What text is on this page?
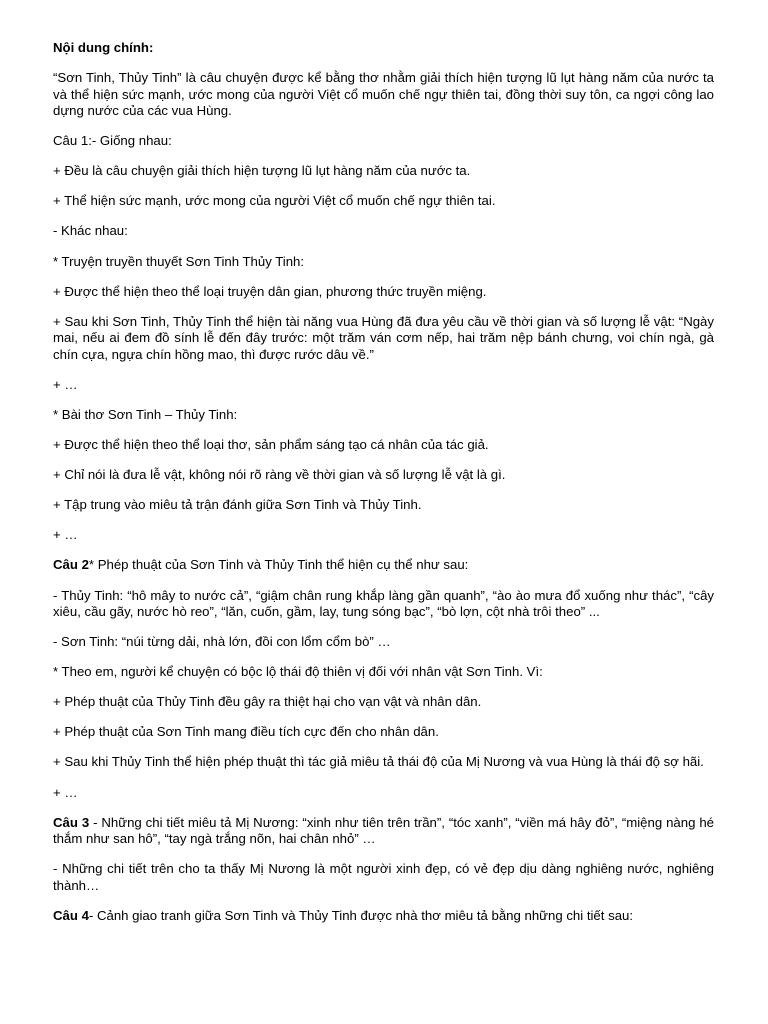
Nội dung chính:

“Sơn Tinh, Thủy Tinh” là câu chuyện được kể bằng thơ nhằm giải thích hiện tượng lũ lụt hàng năm của nước ta và thể hiện sức mạnh, ước mong của người Việt cổ muốn chế ngự thiên tai, đồng thời suy tôn, ca ngợi công lao dựng nước của các vua Hùng.

Câu 1:- Giống nhau:

+ Đều là câu chuyện giải thích hiện tượng lũ lụt hàng năm của nước ta.

+ Thể hiện sức mạnh, ước mong của người Việt cổ muốn chế ngự thiên tai.

- Khác nhau:

* Truyện truyền thuyết Sơn Tinh Thủy Tinh:

+ Được thể hiện theo thể loại truyện dân gian, phương thức truyền miệng.

+ Sau khi Sơn Tinh, Thủy Tinh thể hiện tài năng vua Hùng đã đưa yêu cầu về thời gian và số lượng lễ vật: “Ngày mai, nếu ai đem đồ sính lễ đến đây trước: một trăm ván cơm nếp, hai trăm nệp bánh chưng, voi chín ngà, gà chín cựa, ngựa chín hồng mao, thì được rước dâu về.”

+ …

* Bài thơ Sơn Tinh – Thủy Tinh:

+ Được thể hiện theo thể loại thơ, sản phẩm sáng tạo cá nhân của tác giả.

+ Chỉ nói là đưa lễ vật, không nói rõ ràng về thời gian và số lượng lễ vật là gì.

+ Tập trung vào miêu tả trận đánh giữa Sơn Tinh và Thủy Tinh.

+ …

Câu 2* Phép thuật của Sơn Tinh và Thủy Tinh thể hiện cụ thể như sau:

- Thủy Tinh: “hô mây to nước cả”, “giậm chân rung khắp làng gần quanh”, “ào ào mưa đổ xuống như thác”, “cây xiêu, cầu gãy, nước hò reo”, “lăn, cuốn, gầm, lay, tung sóng bạc”, “bò lợn, cột nhà trôi theo” ...

- Sơn Tinh: “núi từng dải, nhà lớn, đồi con lổm cổm bò” …

* Theo em, người kể chuyện có bộc lộ thái độ thiên vị đối với nhân vật Sơn Tinh. Vì:

+ Phép thuật của Thủy Tinh đều gây ra thiệt hại cho vạn vật và nhân dân.

+ Phép thuật của Sơn Tinh mang điều tích cực đến cho nhân dân.

+ Sau khi Thủy Tinh thể hiện phép thuật thì tác giả miêu tả thái độ của Mị Nương và vua Hùng là thái độ sợ hãi.

+ …

Câu 3 - Những chi tiết miêu tả Mị Nương: “xinh như tiên trên trần”, “tóc xanh”, “viền má hây đỏ”, “miệng nàng hé thắm như san hô”, “tay ngà trắng nõn, hai chân nhỏ” …

- Những chi tiết trên cho ta thấy Mị Nương là một người xinh đẹp, có vẻ đẹp dịu dàng nghiêng nước, nghiêng thành…

Câu 4- Cảnh giao tranh giữa Sơn Tinh và Thủy Tinh được nhà thơ miêu tả bằng những chi tiết sau:
